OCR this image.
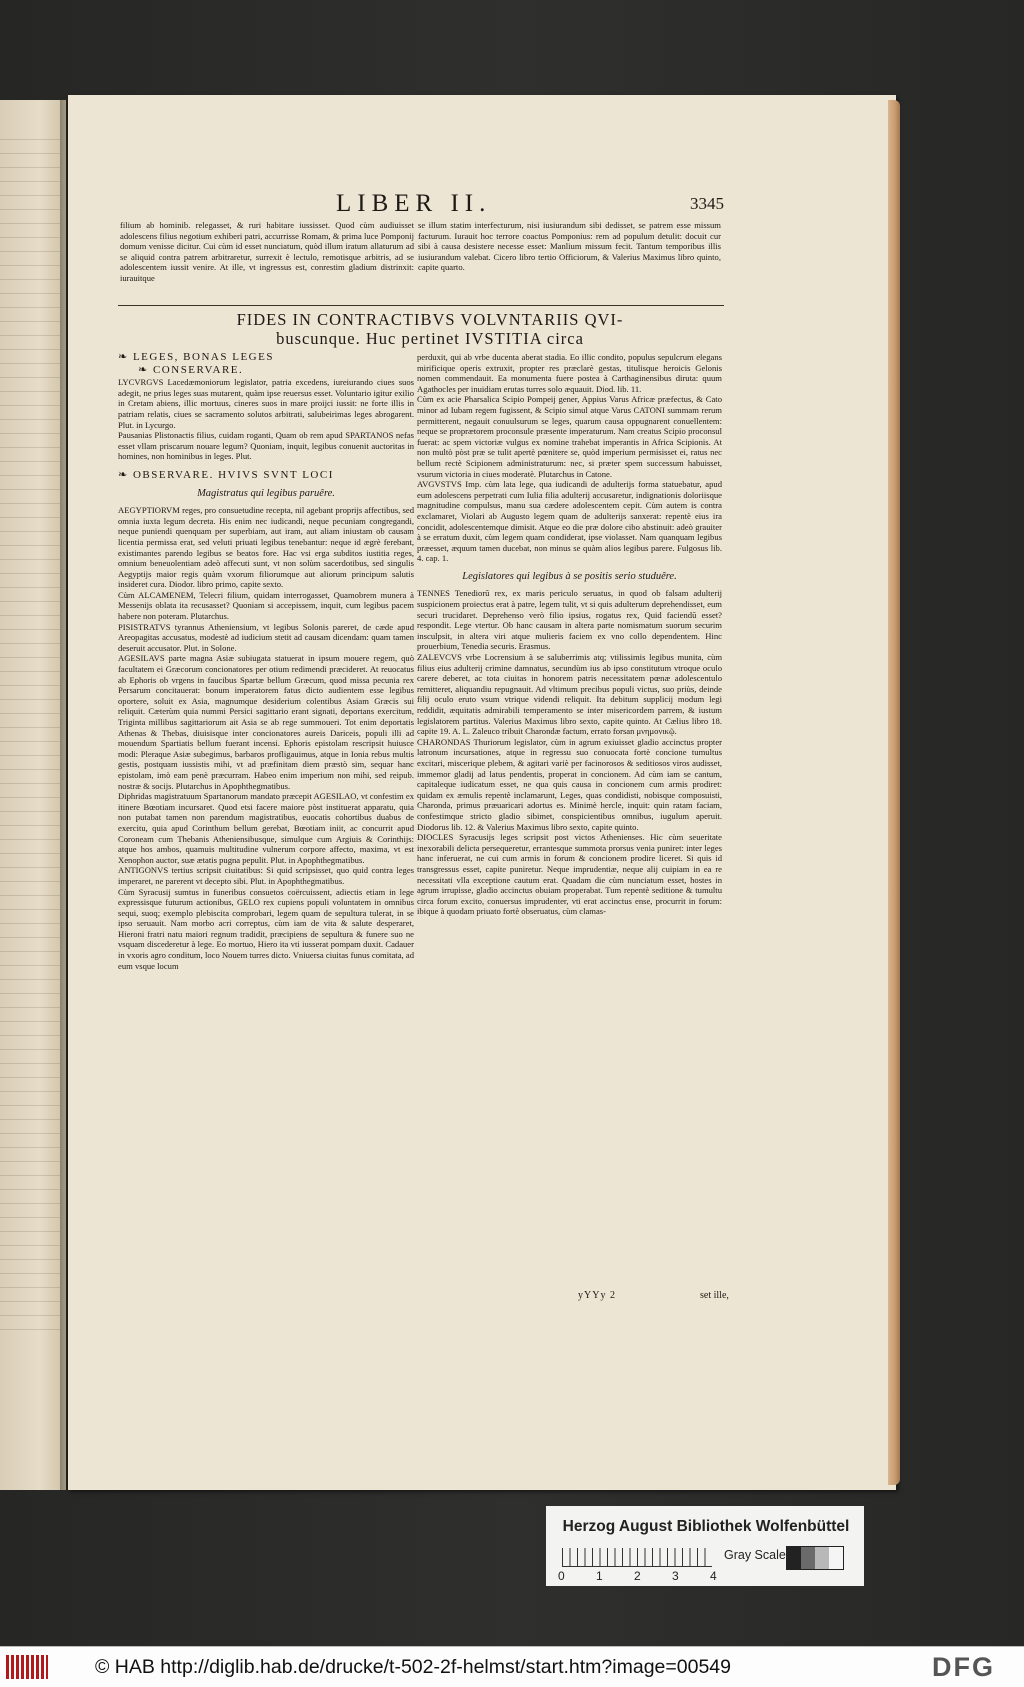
LIBER II.	3345

filium ab hominib. relegasset, & ruri habitare iussisset. Quod cùm audiuisset adolescens filius negotium exhiberi patri, accurrisse Romam, & prima luce Pomponij domum venisse dicitur. Cui cùm id esset nunciatum, quòd illum iratum allaturum ad se aliquid contra patrem arbitraretur, surrexit è lectulo, remotisque arbitris, ad se adolescentem iussit venire. At ille, vt ingressus est, conrestim gladium distrinxit: iurauitque

se illum statim interfecturum, nisi iusiurandum sibi dedisset, se patrem esse missum facturum. Iurauit hoc terrore coactus Pomponius: rem ad populum detulit: docuit cur sibi à causa desistere necesse esset: Manlium missum fecit. Tantum temporibus illis iusiurandum valebat. Cicero libro tertio Officiorum, & Valerius Maximus libro quinto, capite quarto.

FIDES IN CONTRACTIBVS VOLVNTARIIS QVI-
buscunque. Huc pertinet IVSTITIA circa
❧ LEGES, BONAS LEGES
❧ CONSERVARE.

LYCVRGVS Lacedæmoniorum legislator, patria excedens, iureiurando ciues suos adegit, ne prius leges suas mutarent, quàm ipse reuersus esset. Voluntario igitur exilio in Cretam abiens, illic mortuus, cineres suos in mare proijci iussit: ne forte illis in patriam relatis, ciues se sacramento solutos arbitrati, salubeirimas leges abrogarent. Plut. in Lycurgo.

Pausanias Plistonactis filius, cuidam roganti, Quam ob rem apud SPARTANOS nefas esset vllam priscarum nouare legum? Quoniam, inquit, legibus conuenit auctoritas in homines, non hominibus in leges. Plut.

❧ OBSERVARE. HVIVS SVNT LOCI
Magistratus qui legibus paruêre.

AEGYPTIORVM reges, pro consuetudine recepta, nil agebant proprijs affectibus, sed omnia iuxta legum decreta. His enim nec iudicandi, neque pecuniam congregandi, neque puniendi quenquam per superbiam, aut iram, aut aliam iniustam ob causam licentia permissa erat, sed veluti priuati legibus tenebantur: neque id ægrè ferebant, existimantes parendo legibus se beatos fore. Hac vsi erga subditos iustitia reges, omnium beneuolentiam adeò affecuti sunt, vt non solùm sacerdotibus, sed singulis Aegyptijs maior regis quàm vxorum filiorumque aut aliorum principum salutis insideret cura. Diodor. libro primo, capite sexto.

Cùm ALCAMENEM, Telecri filium, quidam interrogasset, Quamobrem munera à Messenijs oblata ita recusasset? Quoniam si accepissem, inquit, cum legibus pacem habere non poteram. Plutarchus.

PISISTRATVS tyrannus Atheniensium, vt legibus Solonis pareret, de cæde apud Areopagitas accusatus, modestè ad iudicium stetit ad causam dicendam: quam tamen deseruit accusator. Plut. in Solone.

AGESILAVS parte magna Asiæ subiugata statuerat in ipsum mouere regem, quò facultatem ei Græcorum concionatores per otium redimendi præcideret. At reuocatus ab Ephoris ob vrgens in faucibus Spartæ bellum Græcum, quod missa pecunia rex Persarum concitauerat: bonum imperatorem fatus dicto audientem esse legibus oportere, soluit ex Asia, magnumque desiderium colentibus Asiam Græcis sui reliquit. Cæterùm quia nummi Persici sagittario erant signati, deportans exercitum, Triginta millibus sagittariorum ait Asia se ab rege summoueri. Tot enim deportatis Athenas & Thebas, diuisisque inter concionatores aureis Dariceis, populi illi ad mouendum Spartiatis bellum fuerant incensi. Ephoris epistolam rescripsit huiusce modi: Pleraque Asiæ subegimus, barbaros profligauimus, atque in Ionia rebus multis gestis, postquam iussistis mihi, vt ad præfinitam diem præstò sim, sequar hanc epistolam, imò eam penè præcurram. Habeo enim imperium non mihi, sed reipub. nostræ & socijs. Plutarchus in Apophthegmatibus.

Diphridas magistratuum Spartanorum mandato præcepit AGESILAO, vt confestim ex itinere Bœotiam incursaret. Quod etsi facere maiore pòst instituerat apparatu, quia non putabat tamen non parendum magistratibus, euocatis cohortibus duabus de exercitu, quia apud Corinthum bellum gerebat, Bœotiam iniit, ac concurrit apud Coroneam cum Thebanis Atheniensibusque, simulque cum Argiuis & Corinthijs: atque hos ambos, quamuis multitudine vulnerum corpore affecto, maxima, vt est Xenophon auctor, suæ ætatis pugna pepulit. Plut. in Apophthegmatibus.

ANTIGONVS tertius scripsit ciuitatibus: Si quid scripsisset, quo quid contra leges imperaret, ne parerent vt decepto sibi. Plut. in Apophthegmatibus.

Cùm Syracusij sumtus in funeribus consuetos coërcuissent, adiectis etiam in lege expressisque futurum actionibus, GELO rex cupiens populi voluntatem in omnibus sequi, suoq; exemplo plebiscita comprobari, legem quam de sepultura tulerat, in se ipso seruauit. Nam morbo acri correptus, cùm iam de vita & salute desperaret, Hieroni fratri natu maiori regnum tradidit, præcipiens de sepultura & funere suo ne vsquam discederetur à lege. Eo mortuo, Hiero ita vti iusserat pompam duxit. Cadauer in vxoris agro conditum, loco Nouem turres dicto. Vniuersa ciuitas funus comitata, ad eum vsque locum

perduxit, qui ab vrbe ducenta aberat stadia. Eo illic condito, populus sepulcrum elegans mirificique operis extruxit, propter res præclarè gestas, titulisque heroicis Gelonis nomen commendauit. Ea monumenta fuere postea à Carthaginensibus diruta: quum Agathocles per inuidiam erutas turres solo æquauit. Diod. lib. 11.

Cùm ex acie Pharsalica Scipio Pompeij gener, Appius Varus Africæ præfectus, & Cato minor ad Iubam regem fugissent, & Scipio simul atque Varus CATONI summam rerum permitterent, negauit conuulsurum se leges, quarum causa oppugnarent conuellentem: neque se proprætorem proconsule præsente imperaturum. Nam creatus Scipio proconsul fuerat: ac spem victoriæ vulgus ex nomine trahebat imperantis in Africa Scipionis. At non multò pòst præ se tulit apertè pœnitere se, quòd imperium permisisset ei, ratus nec bellum rectè Scipionem administraturum: nec, si præter spem successum habuisset, vsurum victoria in ciues moderatè. Plutarchus in Catone.

AVGVSTVS Imp. cùm lata lege, qua iudicandi de adulterijs forma statuebatur, apud eum adolescens perpetrati cum Iulia filia adulterij accusaretur, indignationis doloriisque magnitudine compulsus, manu sua cædere adolescentem cepit. Cùm autem is contra exclamaret, Violari ab Augusto legem quam de adulterijs sanxerat: repentè eius ira concidit, adolescentemque dimisit. Atque eo die præ dolore cibo abstinuit: adeò grauiter à se erratum duxit, cùm legem quam condiderat, ipse violasset. Nam quanquam legibus præesset, æquum tamen ducebat, non minus se quàm alios legibus parere. Fulgosus lib. 4. cap. 1.

Legislatores qui legibus à se positis serio studuêre.

TENNES Tenediorū rex, ex maris periculo seruatus, in quod ob falsam adulterij suspicionem proiectus erat à patre, legem tulit, vt si quis adulterum deprehendisset, eum securi trucidaret. Deprehenso verò filio ipsius, rogatus rex, Quid faciendū esset? respondit. Lege vtertur. Ob hanc causam in altera parte nomismatum suorum securim insculpsit, in altera viri atque mulieris faciem ex vno collo dependentem. Hinc prouerbium, Tenedia securis. Erasmus.

ZALEVCVS vrbe Locrensium à se saluberrimis atq; vtilissimis legibus munita, cùm filius eius adulterij crimine damnatus, secundùm ius ab ipso constitutum vtroque oculo carere deberet, ac tota ciuitas in honorem patris necessitatem pœnæ adolescentulo remitteret, aliquandiu repugnauit. Ad vltimum precibus populi victus, suo priùs, deinde filij oculo eruto vsum vtrique videndi reliquit. Ita debitum supplicij modum legi reddidit, æquitatis admirabili temperamento se inter misericordem parrem, & iustum legislatorem partitus. Valerius Maximus libro sexto, capite quinto. At Cælius libro 18. capite 19. A. L. Zaleuco tribuit Charondæ factum, errato forsan μνημονικῷ.

CHARONDAS Thuriorum legislator, cùm in agrum exiuisset gladio accinctus propter latronum incursationes, atque in regressu suo conuocata fortè concione tumultus excitari, miscerique plebem, & agitari variè per facinorosos & seditiosos viros audisset, immemor gladij ad latus pendentis, properat in concionem. Ad cùm iam se cantum, capitaleque iudicatum esset, ne qua quis causa in concionem cum armis prodiret: quidam ex æmulis repentè inclamarunt, Leges, quas condidisti, nobisque composuisti, Charonda, primus præuaricari adortus es. Minimè hercle, inquit: quin ratam faciam, confestimque stricto gladio sibimet, conspicientibus omnibus, iugulum aperuit. Diodorus lib. 12. & Valerius Maximus libro sexto, capite quinto.

DIOCLES Syracusijs leges scripsit post victos Athenienses. Hic cùm seueritate inexorabili delicta persequeretur, errantesque summota prorsus venia puniret: inter leges hanc inferuerat, ne cui cum armis in forum & concionem prodire liceret. Si quis id transgressus esset, capite puniretur. Neque imprudentiæ, neque alij cuipiam in ea re necessitati vlla exceptione cautum erat. Quadam die cùm nunciatum esset, hostes in agrum irrupisse, gladio accinctus obuiam properabat. Tum repentè seditione & tumultu circa forum excito, conuersus imprudenter, vti erat accinctus ense, procurrit in forum: ibique à quodam priuato fortè obseruatus, cùm clamas-

yYYy 2	set ille,
Herzog August Bibliothek Wolfenbüttel
0	1	2	3	4
Gray Scale
© HAB http://diglib.hab.de/drucke/t-502-2f-helmst/start.htm?image=00549	DFG
